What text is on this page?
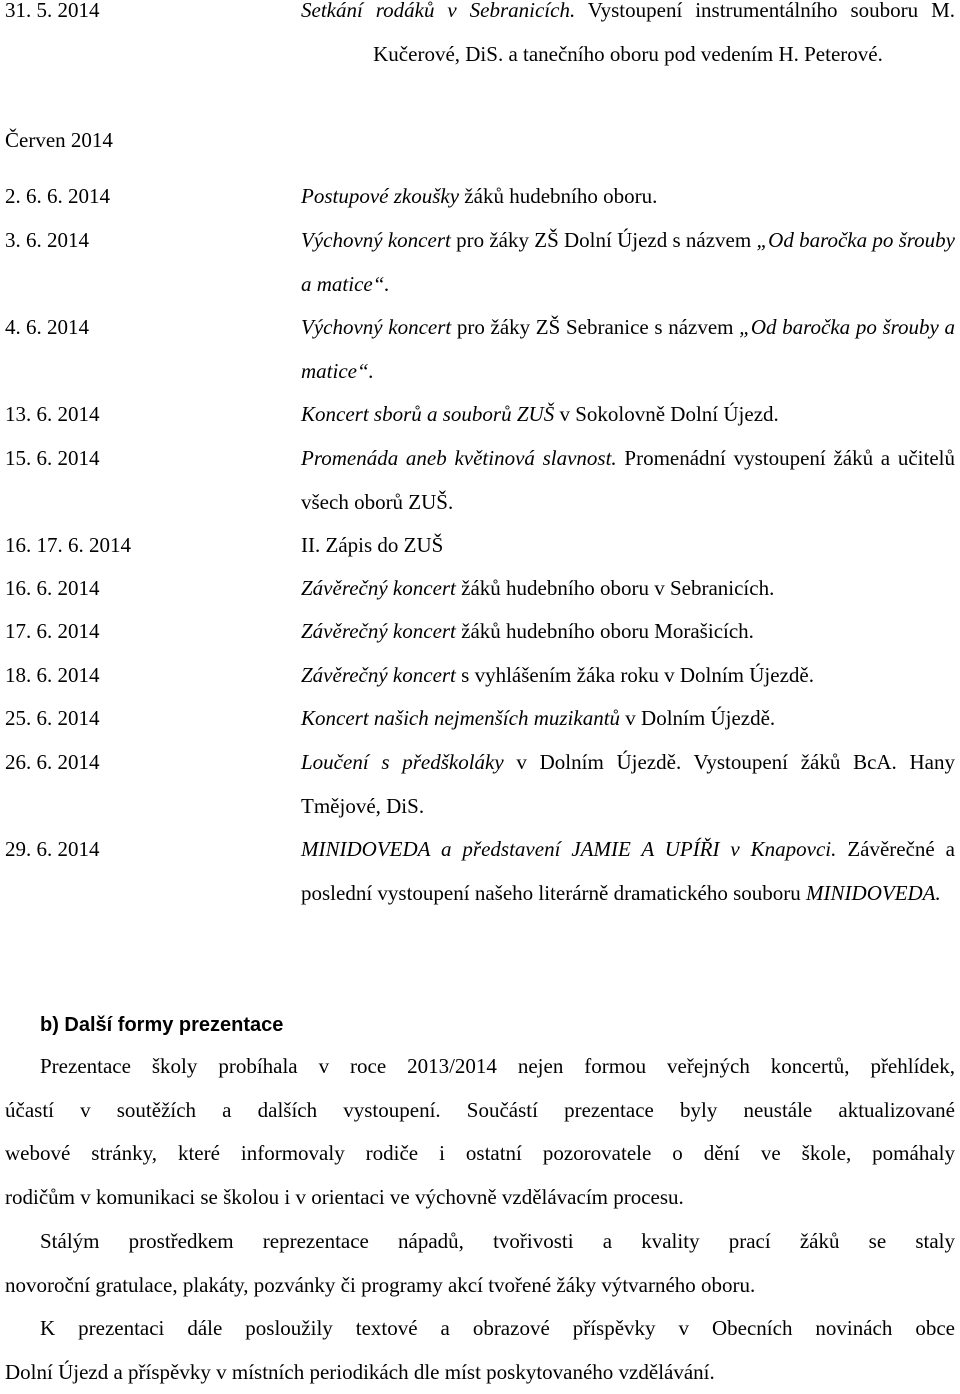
31. 5. 2014	Setkání rodáků v Sebranicích. Vystoupení instrumentálního souboru M. Kučerové, DiS. a tanečního oboru pod vedením H. Peterové.
Červen 2014
2. 6. 6. 2014	Postupové zkoušky žáků hudebního oboru.
3. 6. 2014	Výchovný koncert pro žáky ZŠ Dolní Újezd s názvem „Od baročka po šrouby a matice“.
4. 6. 2014	Výchovný koncert pro žáky ZŠ Sebranice s názvem „Od baročka po šrouby a matice“.
13. 6. 2014	Koncert sborů a souborů ZUŠ v Sokolovně Dolní Újezd.
15. 6. 2014	Promenáda aneb květinová slavnost. Promenádní vystoupení žáků a učitelů všech oborů ZUŠ.
16. 17. 6. 2014	II. Zápis do ZUŠ
16. 6. 2014	Závěrečný koncert žáků hudebního oboru v Sebranicích.
17. 6. 2014	Závěrečný koncert žáků hudebního oboru Morašicích.
18. 6. 2014	Závěrečný koncert s vyhlášením žáka roku v Dolním Újezdě.
25. 6. 2014	Koncert našich nejmenších muzikantů v Dolním Újezdě.
26. 6. 2014	Loučení s předškoláky v Dolním Újezdě. Vystoupení žáků BcA. Hany Tmějové, DiS.
29. 6. 2014	MINIDOVEDA a představení JAMIE A UPÍŘI v Knapovci. Závěrečné a poslední vystoupení našeho literárně dramatického souboru MINIDOVEDA.
b) Další formy prezentace
Prezentace školy probíhala v roce 2013/2014 nejen formou veřejných koncertů, přehlídek,
účastí v soutěžích a dalších vystoupení. Součástí prezentace byly neustále aktualizované
webové stránky, které informovaly rodiče i ostatní pozorovatele o dění ve škole, pomáhaly
rodičům v komunikaci se školou i v orientaci ve výchovně vzdělávacím procesu.
Stálým prostředkem reprezentace nápadů, tvořivosti a kvality prací žáků se staly
novoroční gratulace, plakáty, pozvánky či programy akcí tvořené žáky výtvarného oboru.
K prezentaci dále posloužily textové a obrazové příspěvky v Obecních novinách obce
Dolní Újezd a příspěvky v místních periodikách dle míst poskytovaného vzdělávání.
